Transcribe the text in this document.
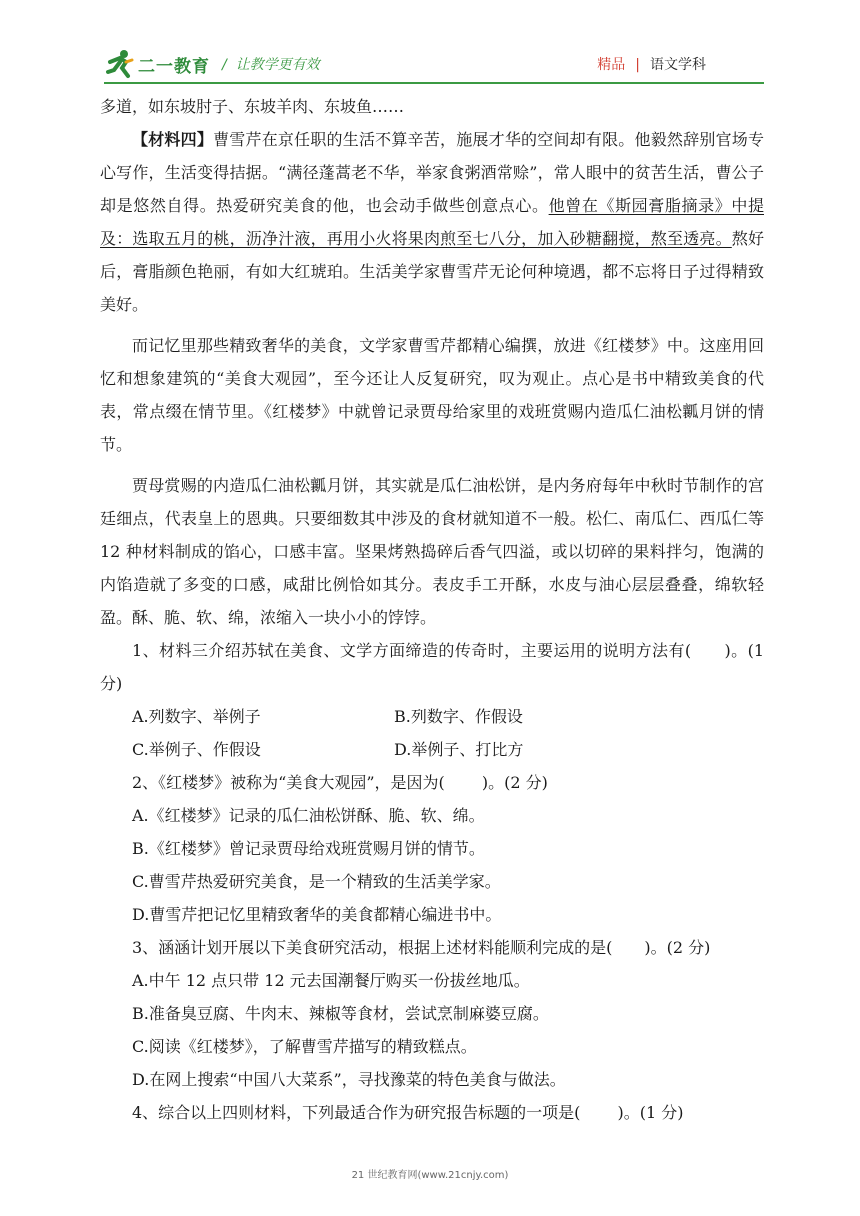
二一教育 / 让教学更有效	精品 | 语文学科

多道，如东坡肘子、东坡羊肉、东坡鱼……

【材料四】曹雪芹在京任职的生活不算辛苦，施展才华的空间却有限。他毅然辞别官场专心写作，生活变得拮据。“满径蓬蒿老不华，举家食粥酒常赊”，常人眼中的贫苦生活，曹公子却是悠然自得。热爱研究美食的他，也会动手做些创意点心。他曾在《斯园膏脂摘录》中提及：选取五月的桃，沥净汁液，再用小火将果肉煎至七八分，加入砂糖翻搅，熬至透亮。熬好后，膏脂颜色艳丽，有如大红琥珀。生活美学家曹雪芹无论何种境遇，都不忘将日子过得精致美好。

而记忆里那些精致奢华的美食，文学家曹雪芹都精心编撰，放进《红楼梦》中。这座用回忆和想象建筑的“美食大观园”，至今还让人反复研究，叹为观止。点心是书中精致美食的代表，常点缀在情节里。《红楼梦》中就曾记录贾母给家里的戏班赏赐内造瓜仁油松瓤月饼的情节。

贾母赏赐的内造瓜仁油松瓤月饼，其实就是瓜仁油松饼，是内务府每年中秋时节制作的宫廷细点，代表皇上的恩典。只要细数其中涉及的食材就知道不一般。松仁、南瓜仁、西瓜仁等 12 种材料制成的馅心，口感丰富。坚果烤熟捣碎后香气四溢，或以切碎的果料拌匀，饱满的内馅造就了多变的口感，咸甜比例恰如其分。表皮手工开酥，水皮与油心层层叠叠，绵软轻盈。酥、脆、软、绵，浓缩入一块小小的饽饽。

1、材料三介绍苏轼在美食、文学方面缔造的传奇时，主要运用的说明方法有(　　)。(1 分)

A.列数字、举例子	B.列数字、作假设
C.举例子、作假设	D.举例子、打比方

2、《红楼梦》被称为“美食大观园”，是因为(　　 )。(2 分)

A.《红楼梦》记录的瓜仁油松饼酥、脆、软、绵。

B.《红楼梦》曾记录贾母给戏班赏赐月饼的情节。

C.曹雪芹热爱研究美食，是一个精致的生活美学家。

D.曹雪芹把记忆里精致奢华的美食都精心编进书中。

3、涵涵计划开展以下美食研究活动，根据上述材料能顺利完成的是(　　)。(2 分)

A.中午 12 点只带 12 元去国潮餐厅购买一份拔丝地瓜。

B.准备臭豆腐、牛肉末、辣椒等食材，尝试烹制麻婆豆腐。

C.阅读《红楼梦》，了解曹雪芹描写的精致糕点。

D.在网上搜索“中国八大菜系”，寻找豫菜的特色美食与做法。

4、综合以上四则材料，下列最适合作为研究报告标题的一项是(　　 )。(1 分)

21 世纪教育网(www.21cnjy.com)
